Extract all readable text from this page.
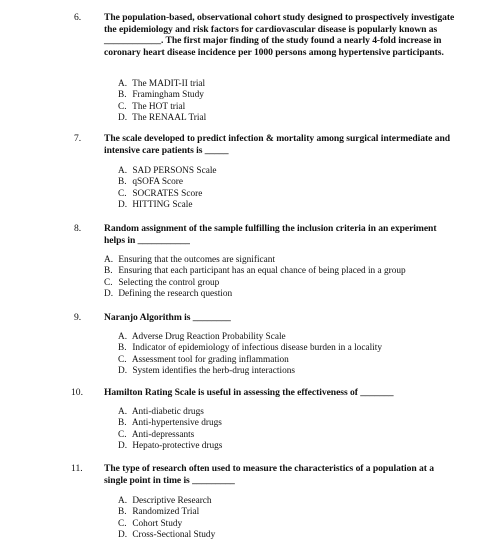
6. The population-based, observational cohort study designed to prospectively investigate the epidemiology and risk factors for cardiovascular disease is popularly known as ____________. The first major finding of the study found a nearly 4-fold increase in coronary heart disease incidence per 1000 persons among hypertensive participants.
A. The MADIT-II trial
B. Framingham Study
C. The HOT trial
D. The RENAAL Trial
7. The scale developed to predict infection & mortality among surgical intermediate and intensive care patients is _____
A. SAD PERSONS Scale
B. qSOFA Score
C. SOCRATES Score
D. HITTING Scale
8. Random assignment of the sample fulfilling the inclusion criteria in an experiment helps in ___________
A. Ensuring that the outcomes are significant
B. Ensuring that each participant has an equal chance of being placed in a group
C. Selecting the control group
D. Defining the research question
9. Naranjo Algorithm is ________
A. Adverse Drug Reaction Probability Scale
B. Indicator of epidemiology of infectious disease burden in a locality
C. Assessment tool for grading inflammation
D. System identifies the herb-drug interactions
10. Hamilton Rating Scale is useful in assessing the effectiveness of _______
A. Anti-diabetic drugs
B. Anti-hypertensive drugs
C. Anti-depressants
D. Hepato-protective drugs
11. The type of research often used to measure the characteristics of a population at a single point in time is _________
A. Descriptive Research
B. Randomized Trial
C. Cohort Study
D. Cross-Sectional Study
